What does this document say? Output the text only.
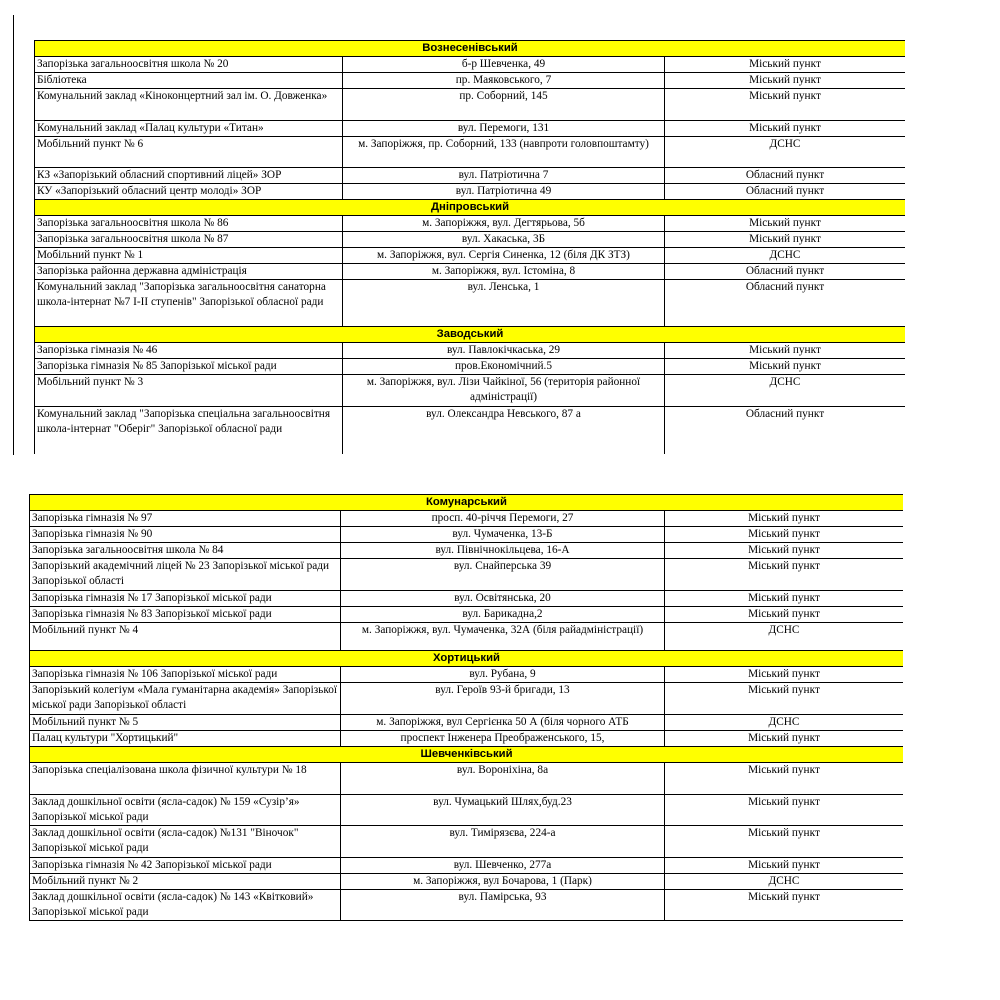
Вознесенівський		
Запорізька загальноосвітня школа № 20	б-р Шевченка, 49	Міський пункт
Бібліотека	пр. Маяковського, 7	Міський пункт
Комунальний заклад «Кіноконцертний зал ім. О. Довженка»	пр. Соборний, 145	Міський пункт
Комунальний заклад «Палац культури «Титан»	вул. Перемоги, 131	Міський пункт
Мобільний пункт № 6	м. Запоріжжя, пр. Соборний, 133 (навпроти головпоштамту)	ДСНС
КЗ «Запорізький обласний спортивний ліцей» ЗОР	вул. Патріотична 7	Обласний пункт
КУ «Запорізький обласний центр молоді» ЗОР	вул. Патріотична 49	Обласний пункт
Дніпровський		
Запорізька загальноосвітня школа № 86	м. Запоріжжя, вул. Дегтярьова, 5б	Міський пункт
Запорізька загальноосвітня школа № 87	вул. Хакаська, 3Б	Міський пункт
Мобільний пункт № 1	м. Запоріжжя, вул. Сергія Синенка, 12 (біля ДК ЗТЗ)	ДСНС
Запорізька районна державна адміністрація	м. Запоріжжя, вул. Істоміна, 8	Обласний пункт
Комунальний заклад "Запорізька загальноосвітня санаторна школа-інтернат №7 І-ІІ ступенів" Запорізької обласної ради	вул. Ленська, 1	Обласний пункт
Заводський		
Запорізька гімназія № 46	вул. Павлокічкаська, 29	Міський пункт
Запорізька гімназія № 85 Запорізької міської ради	пров.Економічний.5	Міський пункт
Мобільний пункт № 3	м. Запоріжжя, вул. Лізи Чайкіної, 56 (територія районної адміністрації)	ДСНС
Комунальний заклад "Запорізька спеціальна загальноосвітня школа-інтернат "Оберіг" Запорізької обласної ради	вул. Олександра Невського, 87 а	Обласний пункт

Комунарський		
Запорізька гімназія № 97	просп. 40-річчя Перемоги, 27	Міський пункт
Запорізька гімназія № 90	вул. Чумаченка, 13-Б	Міський пункт
Запорізька загальноосвітня школа № 84	вул. Північнокільцева, 16-А	Міський пункт
Запорізький академічний ліцей № 23 Запорізької міської ради Запорізької області	вул. Снайперська 39	Міський пункт
Запорізька гімназія № 17 Запорізької міської ради	вул. Освітянська, 20	Міський пункт
Запорізька гімназія № 83 Запорізької міської ради	вул. Барикадна,2	Міський пункт
Мобільний пункт № 4	м. Запоріжжя, вул. Чумаченка, 32А (біля райадміністрації)	ДСНС
Хортицький		
Запорізька гімназія № 106 Запорізької міської ради	вул. Рубана, 9	Міський пункт
Запорізький колегіум «Мала гуманітарна академія» Запорізької міської ради Запорізької області	вул. Героїв 93-й бригади, 13	Міський пункт
Мобільний пункт № 5	м. Запоріжжя, вул Сергієнка 50 А (біля чорного АТБ	ДСНС
Палац культури "Хортицький"	проспект Інженера Преображенського, 15,	Міський пункт
Шевченківський		
Запорізька спеціалізована школа фізичної культури № 18	вул. Вороніхіна, 8а	Міський пункт
Заклад дошкільної освіти (ясла-садок) № 159 «Сузір’я» Запорізької міської ради	вул. Чумацький Шлях,буд.23	Міський пункт
Заклад дошкільної освіти (ясла-садок) №131 "Віночок" Запорізької міської ради	вул. Тимірязєва, 224-а	Міський пункт
Запорізька гімназія № 42 Запорізької міської ради	вул. Шевченко, 277а	Міський пункт
Мобільний пункт № 2	м. Запоріжжя, вул Бочарова, 1 (Парк)	ДСНС
Заклад дошкільної освіти (ясла-садок) № 143 «Квітковий» Запорізької міської ради	вул. Памірська, 93	Міський пункт
